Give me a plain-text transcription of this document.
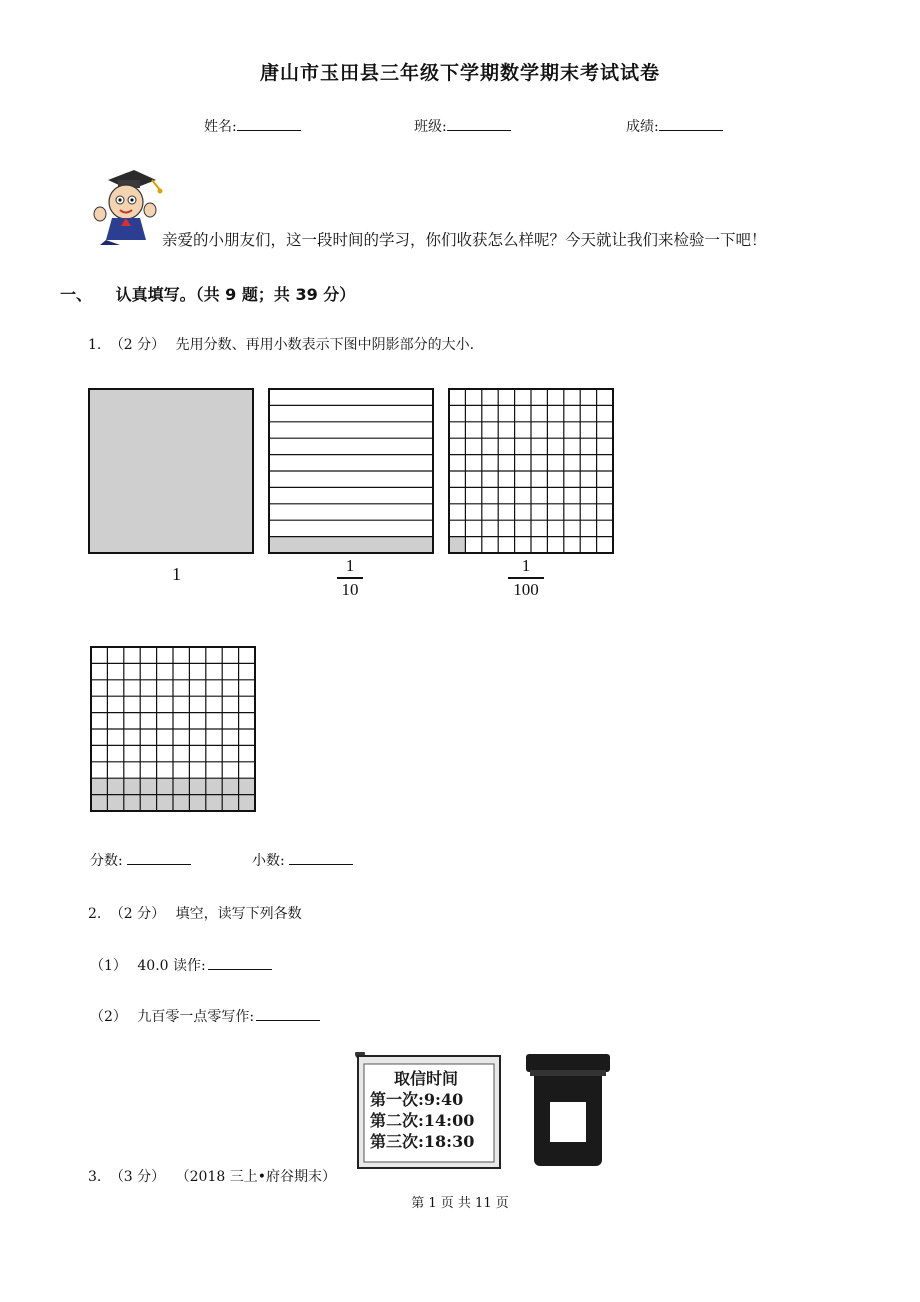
唐山市玉田县三年级下学期数学期末考试试卷
姓名:	班级:	成绩:
亲爱的小朋友们，这一段时间的学习，你们收获怎么样呢？今天就让我们来检验一下吧！
一、 认真填写。（共 9 题；共 39 分）
1. （2 分） 先用分数、再用小数表示下图中阴影部分的大小.
1	1
10
1
100
分数:	小数:
2. （2 分） 填空，读写下列各数
（1） 40.0 读作:
（2） 九百零一点零写作:
取信时间
第一次:9:40
第二次:14:00
第三次:18:30
3. （3 分） （2018 三上•府谷期末）
第 1 页 共 11 页
